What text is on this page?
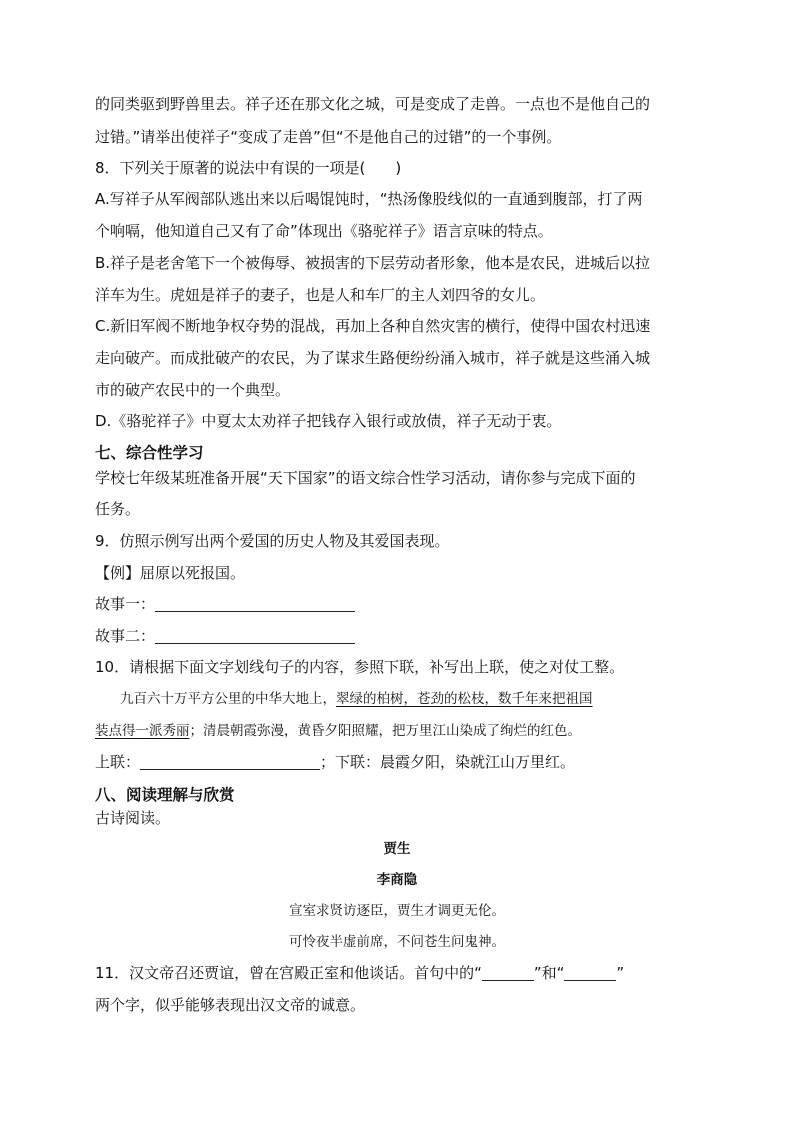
的同类驱到野兽里去。祥子还在那文化之城，可是变成了走兽。一点也不是他自己的
过错。”请举出使祥子“变成了走兽”但“不是他自己的过错”的一个事例。
8．下列关于原著的说法中有误的一项是(　　)
A.写祥子从军阀部队逃出来以后喝馄饨时，“热汤像股线似的一直通到腹部，打了两
个响嗝，他知道自己又有了命”体现出《骆驼祥子》语言京味的特点。
B.祥子是老舍笔下一个被侮辱、被损害的下层劳动者形象，他本是农民，进城后以拉
洋车为生。虎妞是祥子的妻子，也是人和车厂的主人刘四爷的女儿。
C.新旧军阀不断地争权夺势的混战，再加上各种自然灾害的横行，使得中国农村迅速
走向破产。而成批破产的农民，为了谋求生路便纷纷涌入城市，祥子就是这些涌入城
市的破产农民中的一个典型。
D.《骆驼祥子》中夏太太劝祥子把钱存入银行或放债，祥子无动于衷。
七、综合性学习
学校七年级某班准备开展“天下国家”的语文综合性学习活动，请你参与完成下面的
任务。
9．仿照示例写出两个爱国的历史人物及其爱国表现。
【例】屈原以死报国。
故事一：
故事二：
10．请根据下面文字划线句子的内容，参照下联，补写出上联，使之对仗工整。
九百六十万平方公里的中华大地上，翠绿的柏树，苍劲的松枝，数千年来把祖国
装点得一派秀丽；清晨朝霞弥漫，黄昏夕阳照耀，把万里江山染成了绚烂的红色。
上联：	；下联：晨霞夕阳，染就江山万里红。
八、阅读理解与欣赏
古诗阅读。
贾生
李商隐
宣室求贤访逐臣，贾生才调更无伦。
可怜夜半虚前席，不问苍生问鬼神。
11．汉文帝召还贾谊，曾在宫殿正室和他谈话。首句中的“	”和“	”
两个字，似乎能够表现出汉文帝的诚意。
